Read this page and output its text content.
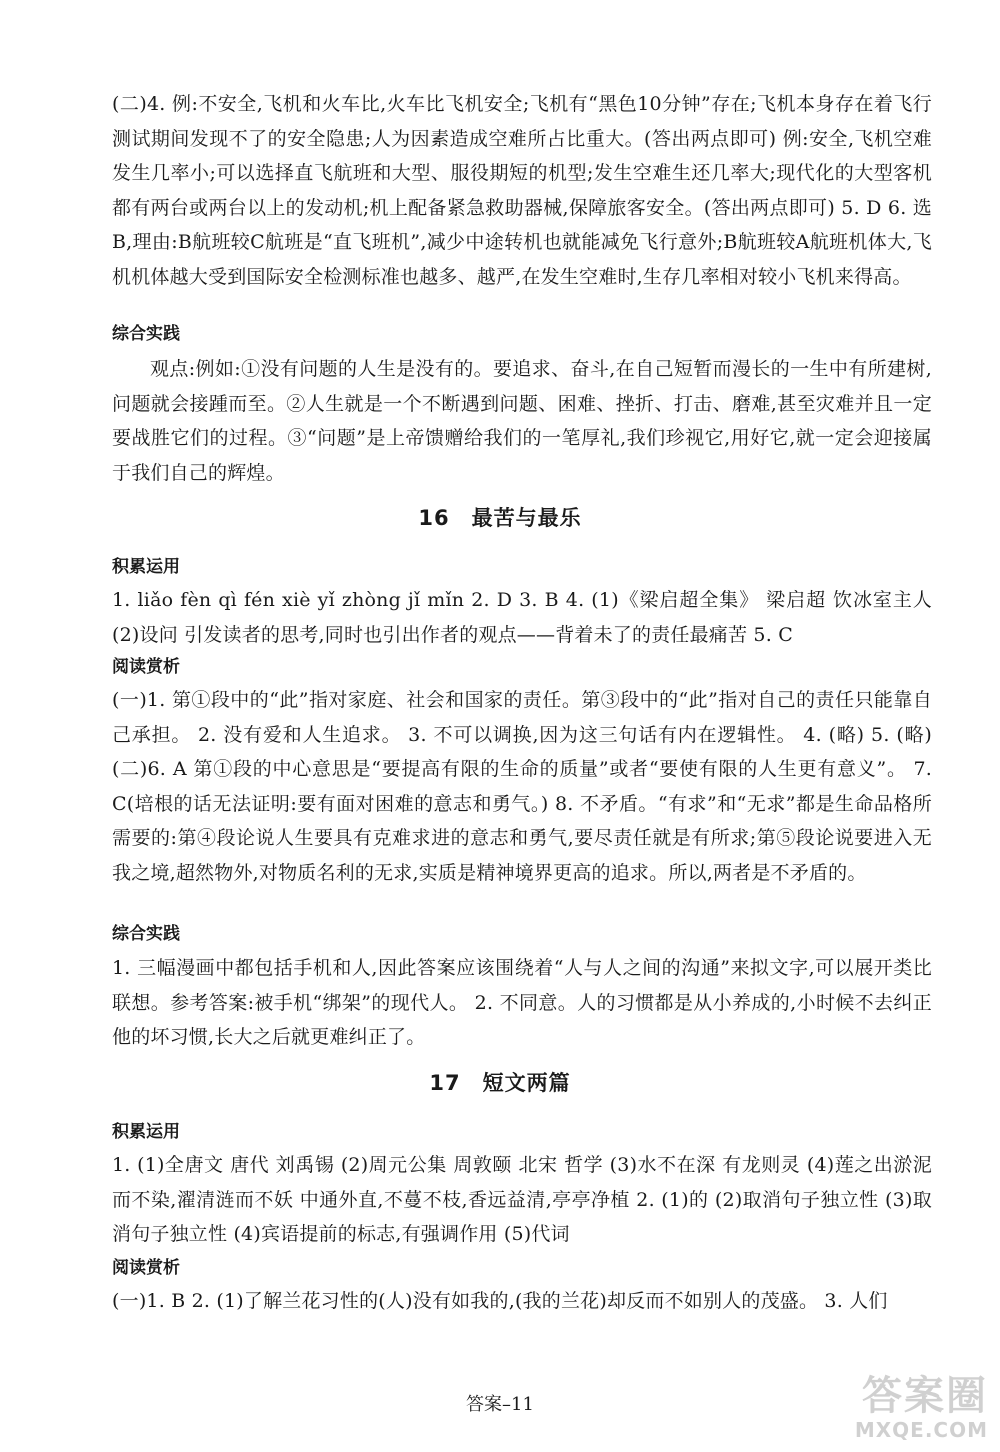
(二)4. 例:不安全,飞机和火车比,火车比飞机安全;飞机有“黑色10分钟”存在;飞机本身存在着飞行测试期间发现不了的安全隐患;人为因素造成空难所占比重大。(答出两点即可) 例:安全,飞机空难发生几率小;可以选择直飞航班和大型、服役期短的机型;发生空难生还几率大;现代化的大型客机都有两台或两台以上的发动机;机上配备紧急救助器械,保障旅客安全。(答出两点即可) 5. D 6. 选B,理由:B航班较C航班是“直飞班机”,减少中途转机也就能减免飞行意外;B航班较A航班机体大,飞机机体越大受到国际安全检测标准也越多、越严,在发生空难时,生存几率相对较小飞机来得高。

综合实践

观点:例如:①没有问题的人生是没有的。要追求、奋斗,在自己短暂而漫长的一生中有所建树,问题就会接踵而至。②人生就是一个不断遇到问题、困难、挫折、打击、磨难,甚至灾难并且一定要战胜它们的过程。③“问题”是上帝馈赠给我们的一笔厚礼,我们珍视它,用好它,就一定会迎接属于我们自己的辉煌。

16 最苦与最乐
积累运用

1. liǎo fèn qì fén xiè yǐ zhòng jǐ mǐn 2. D 3. B 4. (1)《梁启超全集》 梁启超 饮冰室主人 (2)设问 引发读者的思考,同时也引出作者的观点——背着未了的责任最痛苦 5. C

阅读赏析

(一)1. 第①段中的“此”指对家庭、社会和国家的责任。第③段中的“此”指对自己的责任只能靠自己承担。 2. 没有爱和人生追求。 3. 不可以调换,因为这三句话有内在逻辑性。 4. (略) 5. (略) (二)6. A 第①段的中心意思是“要提高有限的生命的质量”或者“要使有限的人生更有意义”。 7. C(培根的话无法证明:要有面对困难的意志和勇气。) 8. 不矛盾。“有求”和“无求”都是生命品格所需要的:第④段论说人生要具有克难求进的意志和勇气,要尽责任就是有所求;第⑤段论说要进入无我之境,超然物外,对物质名利的无求,实质是精神境界更高的追求。所以,两者是不矛盾的。

综合实践

1. 三幅漫画中都包括手机和人,因此答案应该围绕着“人与人之间的沟通”来拟文字,可以展开类比联想。参考答案:被手机“绑架”的现代人。 2. 不同意。人的习惯都是从小养成的,小时候不去纠正他的坏习惯,长大之后就更难纠正了。

17 短文两篇
积累运用

1. (1)全唐文 唐代 刘禹锡 (2)周元公集 周敦颐 北宋 哲学 (3)水不在深 有龙则灵 (4)莲之出淤泥而不染,濯清涟而不妖 中通外直,不蔓不枝,香远益清,亭亭净植 2. (1)的 (2)取消句子独立性 (3)取消句子独立性 (4)宾语提前的标志,有强调作用 (5)代词

阅读赏析

(一)1. B 2. (1)了解兰花习性的(人)没有如我的,(我的兰花)却反而不如别人的茂盛。 3. 人们

答案–11	答案圈
MXQE.COM
